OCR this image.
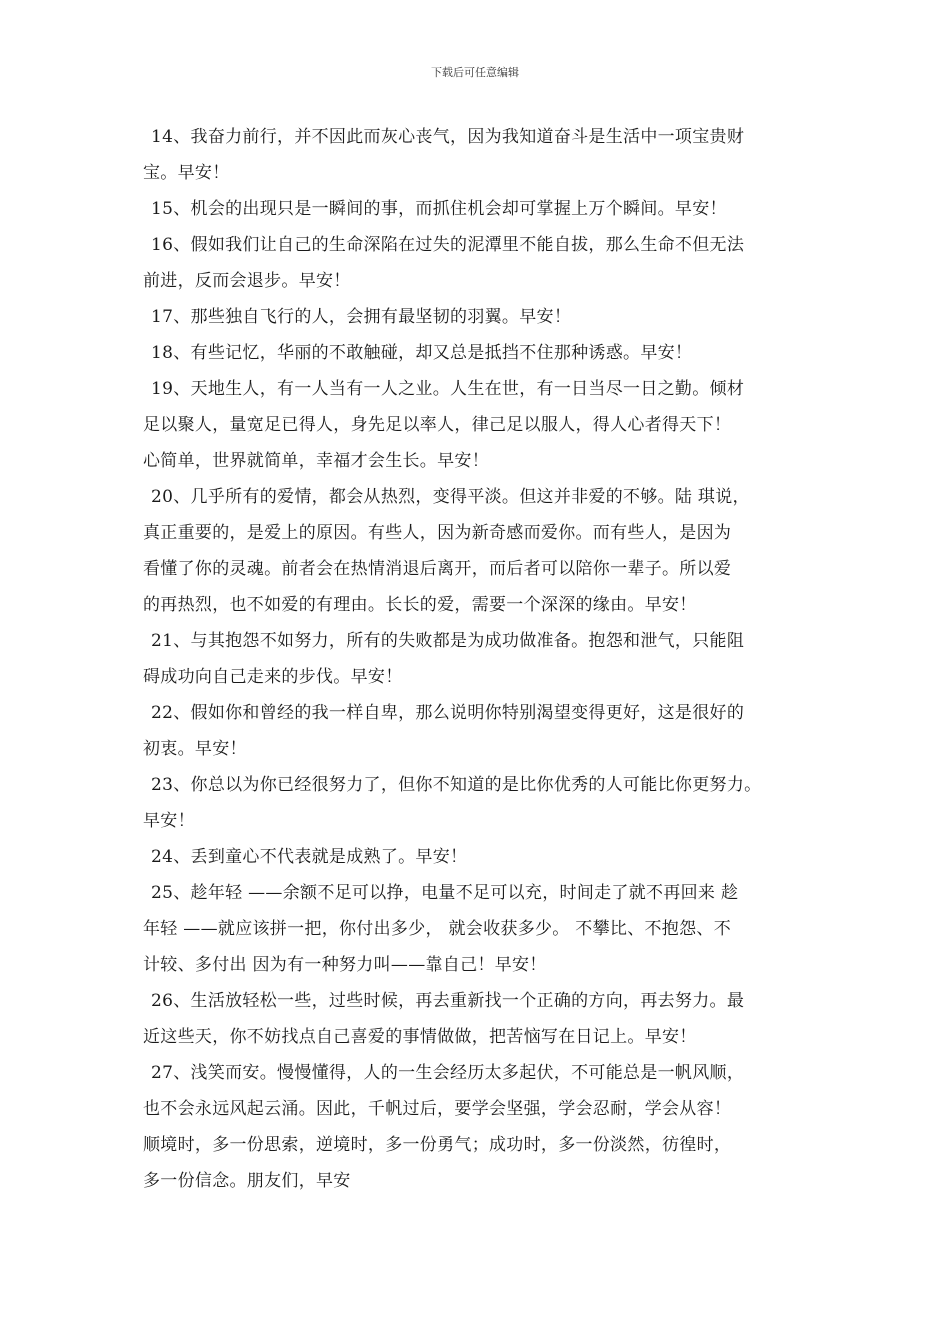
下载后可任意编辑
14、我奋力前行，并不因此而灰心丧气，因为我知道奋斗是生活中一项宝贵财
宝。早安！
15、机会的出现只是一瞬间的事，而抓住机会却可掌握上万个瞬间。早安！
16、假如我们让自己的生命深陷在过失的泥潭里不能自拔，那么生命不但无法
前进，反而会退步。早安！
17、那些独自飞行的人，会拥有最坚韧的羽翼。早安！
18、有些记忆，华丽的不敢触碰，却又总是抵挡不住那种诱惑。早安！
19、天地生人，有一人当有一人之业。人生在世，有一日当尽一日之勤。倾材
足以聚人，量宽足已得人，身先足以率人，律己足以服人，得人心者得天下！
心简单，世界就简单，幸福才会生长。早安！
20、几乎所有的爱情，都会从热烈，变得平淡。但这并非爱的不够。陆 琪说，
真正重要的，是爱上的原因。有些人，因为新奇感而爱你。而有些人，是因为
看懂了你的灵魂。前者会在热情消退后离开，而后者可以陪你一辈子。所以爱
的再热烈，也不如爱的有理由。长长的爱，需要一个深深的缘由。早安！
21、与其抱怨不如努力，所有的失败都是为成功做准备。抱怨和泄气，只能阻
碍成功向自己走来的步伐。早安！
22、假如你和曾经的我一样自卑，那么说明你特别渴望变得更好，这是很好的
初衷。早安！
23、你总以为你已经很努力了，但你不知道的是比你优秀的人可能比你更努力。
早安！
24、丢到童心不代表就是成熟了。早安！
25、趁年轻 ——余额不足可以挣，电量不足可以充，时间走了就不再回来 趁
年轻 ——就应该拼一把，你付出多少， 就会收获多少。 不攀比、不抱怨、不
计较、多付出 因为有一种努力叫——靠自己！早安！
26、生活放轻松一些，过些时候，再去重新找一个正确的方向，再去努力。最
近这些天，你不妨找点自己喜爱的事情做做，把苦恼写在日记上。早安！
27、浅笑而安。慢慢懂得，人的一生会经历太多起伏，不可能总是一帆风顺，
也不会永远风起云涌。因此，千帆过后，要学会坚强，学会忍耐，学会从容！
顺境时，多一份思索，逆境时，多一份勇气；成功时，多一份淡然，彷徨时，
多一份信念。朋友们，早安
